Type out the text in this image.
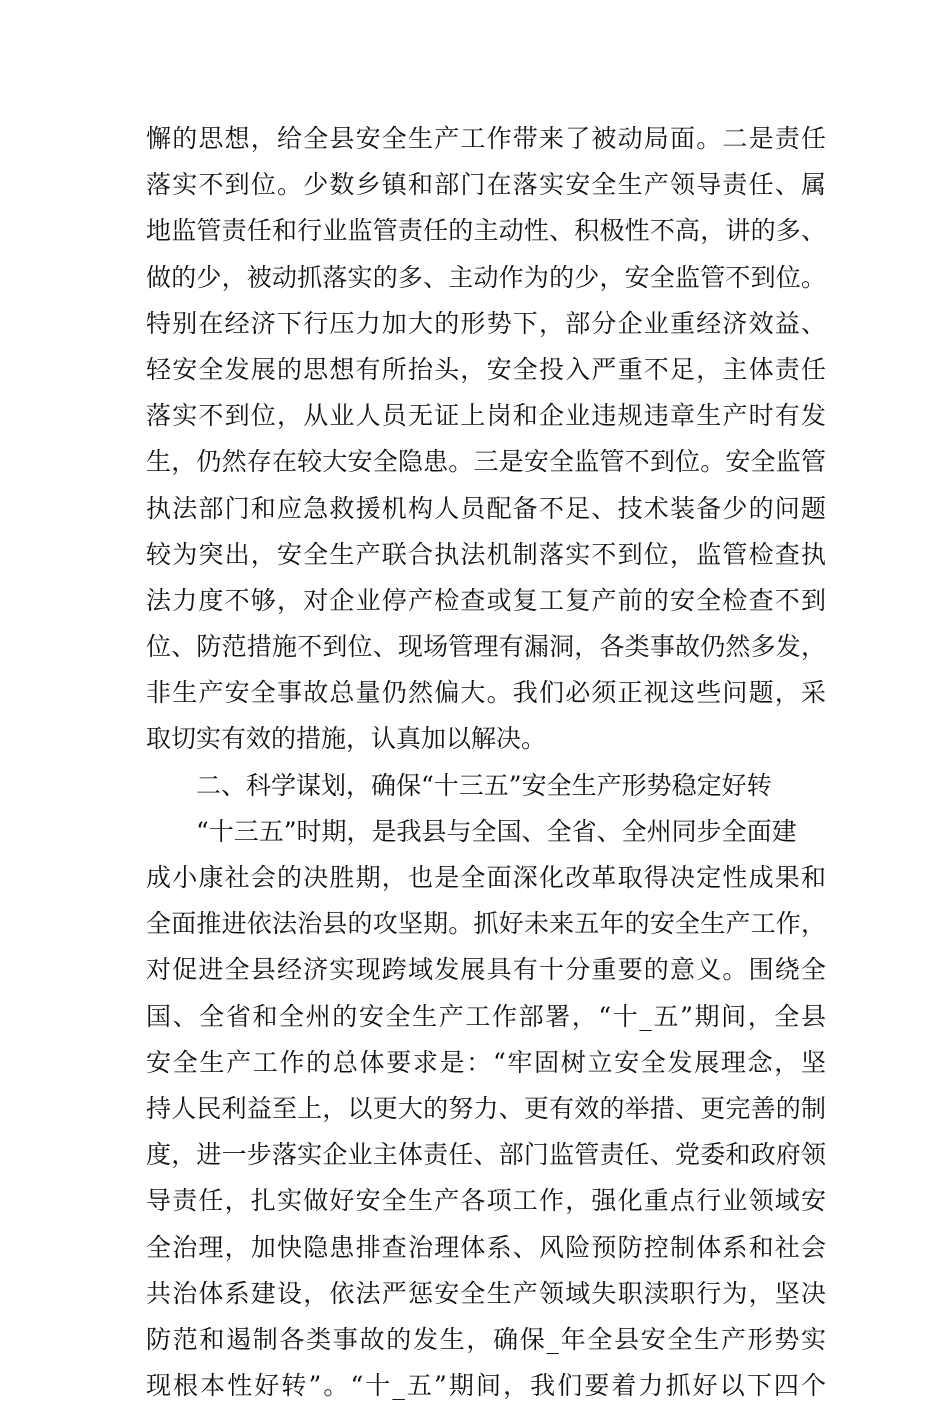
懈的思想，给全县安全生产工作带来了被动局面。二是责任
落实不到位。少数乡镇和部门在落实安全生产领导责任、属
地监管责任和行业监管责任的主动性、积极性不高，讲的多、
做的少，被动抓落实的多、主动作为的少，安全监管不到位。
特别在经济下行压力加大的形势下，部分企业重经济效益、
轻安全发展的思想有所抬头，安全投入严重不足，主体责任
落实不到位，从业人员无证上岗和企业违规违章生产时有发
生，仍然存在较大安全隐患。三是安全监管不到位。安全监管
执法部门和应急救援机构人员配备不足、技术装备少的问题
较为突出，安全生产联合执法机制落实不到位，监管检查执
法力度不够，对企业停产检查或复工复产前的安全检查不到
位、防范措施不到位、现场管理有漏洞，各类事故仍然多发，
非生产安全事故总量仍然偏大。我们必须正视这些问题，采
取切实有效的措施，认真加以解决。
二、科学谋划，确保“十三五”安全生产形势稳定好转
“十三五”时期，是我县与全国、全省、全州同步全面建
成小康社会的决胜期，也是全面深化改革取得决定性成果和
全面推进依法治县的攻坚期。抓好未来五年的安全生产工作，
对促进全县经济实现跨域发展具有十分重要的意义。围绕全
国、全省和全州的安全生产工作部署，“十_五”期间，全县
安全生产工作的总体要求是：“牢固树立安全发展理念，坚
持人民利益至上，以更大的努力、更有效的举措、更完善的制
度，进一步落实企业主体责任、部门监管责任、党委和政府领
导责任，扎实做好安全生产各项工作，强化重点行业领域安
全治理，加快隐患排查治理体系、风险预防控制体系和社会
共治体系建设，依法严惩安全生产领域失职渎职行为，坚决
防范和遏制各类事故的发生，确保_年全县安全生产形势实
现根本性好转”。“十_五”期间，我们要着力抓好以下四个
